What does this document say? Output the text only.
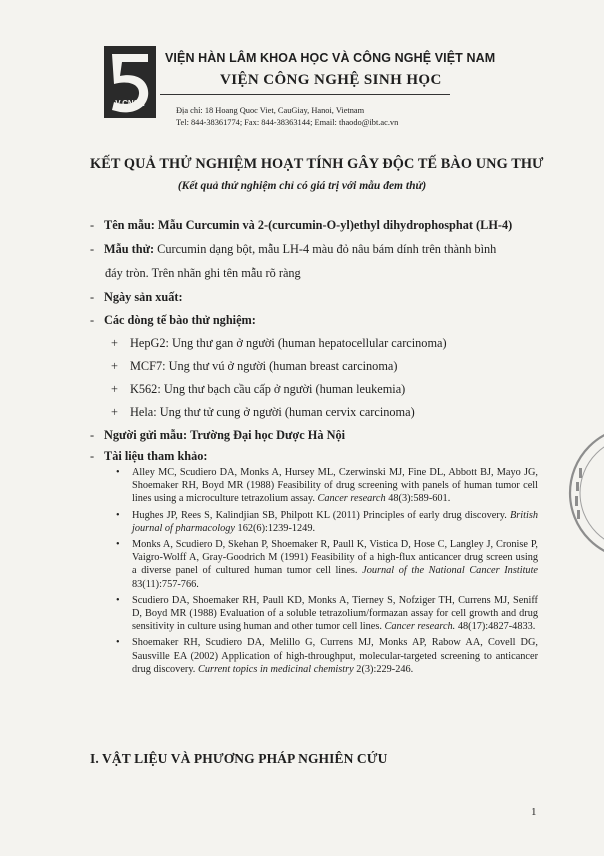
V.CNSH
VIỆN HÀN LÂM KHOA HỌC VÀ CÔNG NGHỆ VIỆT NAM
VIỆN CÔNG NGHỆ SINH HỌC
Địa chỉ: 18 Hoang Quoc Viet, CauGiay, Hanoi, Vietnam
Tel: 844-38361774; Fax: 844-38363144; Email: thaodo@ibt.ac.vn
KẾT QUẢ THỬ NGHIỆM HOẠT TÍNH GÂY ĐỘC TẾ BÀO UNG THƯ
(Kết quả thử nghiệm chỉ có giá trị với mẫu đem thử)
- Tên mẫu: Mẫu Curcumin và 2-(curcumin-O-yl)ethyl dihydrophosphat (LH-4)
- Mẫu thử: Curcumin dạng bột, mẫu LH-4 màu đỏ nâu bám dính trên thành bình
đáy tròn. Trên nhãn ghi tên mẫu rõ ràng
- Ngày sản xuất:
- Các dòng tế bào thử nghiệm:
+ HepG2: Ung thư gan ở người (human hepatocellular carcinoma)
+ MCF7: Ung thư vú ở người (human breast carcinoma)
+ K562: Ung thư bạch cầu cấp ở người (human leukemia)
+ Hela: Ung thư tử cung ở người (human cervix carcinoma)
- Người gửi mẫu: Trường Đại học Dược Hà Nội
- Tài liệu tham khảo:
• Alley MC, Scudiero DA, Monks A, Hursey ML, Czerwinski MJ, Fine DL, Abbott BJ, Mayo JG, Shoemaker RH, Boyd MR (1988) Feasibility of drug screening with panels of human tumor cell lines using a microculture tetrazolium assay. Cancer research 48(3):589-601.
• Hughes JP, Rees S, Kalindjian SB, Philpott KL (2011) Principles of early drug discovery. British journal of pharmacology 162(6):1239-1249.
• Monks A, Scudiero D, Skehan P, Shoemaker R, Paull K, Vistica D, Hose C, Langley J, Cronise P, Vaigro-Wolff A, Gray-Goodrich M (1991) Feasibility of a high-flux anticancer drug screen using a diverse panel of cultured human tumor cell lines. Journal of the National Cancer Institute 83(11):757-766.
• Scudiero DA, Shoemaker RH, Paull KD, Monks A, Tierney S, Nofziger TH, Currens MJ, Seniff D, Boyd MR (1988) Evaluation of a soluble tetrazolium/formazan assay for cell growth and drug sensitivity in culture using human and other tumor cell lines. Cancer research. 48(17):4827-4833.
• Shoemaker RH, Scudiero DA, Melillo G, Currens MJ, Monks AP, Rabow AA, Covell DG, Sausville EA (2002) Application of high-throughput, molecular-targeted screening to anticancer drug discovery. Current topics in medicinal chemistry 2(3):229-246.
I. VẬT LIỆU VÀ PHƯƠNG PHÁP NGHIÊN CỨU
1
